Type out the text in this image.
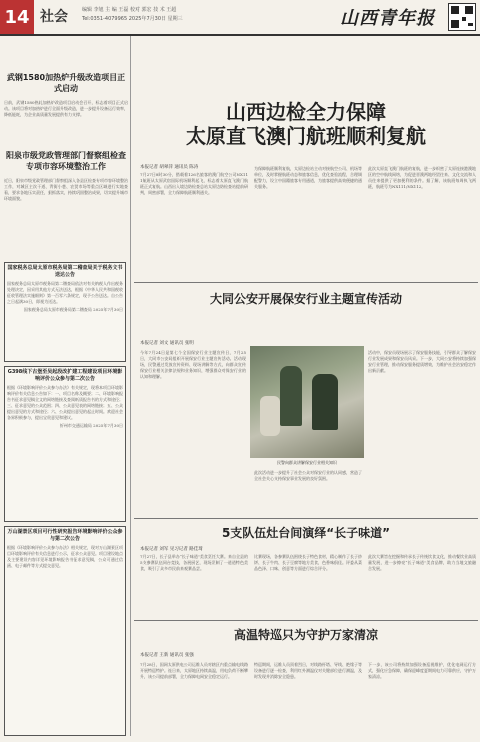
14 社会	编辑 李旭 主 编 王磊 校对 郭宏 技 术 王超
Tel:0351-4079965 2025年7月30日 星期三	山西青年报
武钢1580加热炉升级改造项目正式启动
日前，武钢1580热轧加热炉改造项目启动会召开，标志着项目正式启动。该项目将对加热炉进行全面升级改造，进一步提升设备运行效率，降低能耗，为企业高质量发展提供有力支撑。
阳泉市级党政管理部门督察组检查专项市容环境整治工作
近日，阳泉市级党政管理部门督察组深入各县区检查专项市容环境整治工作，对城区主次干道、背街小巷、农贸市场等重点区域进行实地查看，要求各地压实责任，狠抓落实，持续巩固整治成果，切实提升城市环境面貌。
国家税务总局太原市税务局第二稽查局关于税务文书送达公告
国家税务总局太原市税务局第二稽查局依法对有关纳税人作出税务处理决定，因采用其他方式无法送达，根据《中华人民共和国税收征收管理法实施细则》第一百零六条规定，现予公告送达。自公告之日起满30日，即视为送达。
国家税务总局太原市税务局第二稽查局 2025年7月30日
G398线下古堡至吴起段改扩建工程建设项目环境影响评价公众参与第二次公告
根据《环境影响评价公众参与办法》有关规定，现将本项目环境影响评价有关信息公告如下：一、项目名称及概要；二、环境影响报告书征求意见稿全文的网络链接及查阅纸质报告书的方式和途径；三、征求意见的公众范围；四、公众意见表的网络链接；五、公众提出意见的方式和途径；六、公众提出意见的起止时间。欢迎社会各界积极参与，提出宝贵意见和建议。
忻州市交通运输局 2025年7月30日
万山湖景区项目可行性研究报告环境影响评价公众参与第二次公告
根据《环境影响评价公众参与办法》相关规定，现对万山湖景区项目环境影响评价有关信息进行公示，征求公众意见。项目建设地点及主要建设内容详见环境影响报告书征求意见稿，公众可通过信函、电子邮件等方式提交意见。
山西边检全力保障
太原直飞澳门航班顺利复航
本报记者 胡翠萍 通讯员 陈涛
7月27日8时30分，搭载着126名旅客的澳门航空公司NX111航班从太原武宿国际机场顺利起飞，标志着太原直飞澳门航班正式复航。山西出入境边防检查总站太原边防检查站提前研判，周密部署，全力保障航班顺利通关。
为保障航班顺利复航，太原边检站主动对接航空公司、机场等单位，及时掌握航班动态和旅客信息，优化查验流程，合理调配警力，设立中国籍旅客专用通道，为旅客提供高效便捷的通关服务。
此次太原直飞澳门航班的复航，进一步织密了太原连接港澳地区的空中航线网络，为促进晋澳两地经贸往来、文化交流和人员往来提供了更加便利的条件。据了解，该航班每周执飞两班，航班号为NX111/NX112。
大同公安开展保安行业主题宣传活动
本报记者 刘文 通讯员 张明
今年7月24日是第七个全国保安行业主题宣传日，7月25日，大同市公安局组织开展保安行业主题宣传活动。活动现场，民警通过发放宣传资料、现场讲解等方式，向群众宣传保安行业相关法律法规和业务知识，增强群众对保安行业的认知和理解。
民警向群众讲解保安行业相关知识
活动中，保安员现场展示了保安服务技能，引导群众了解保安行业发展成果和保安员风采。下一步，大同公安将持续加强保安行业管理，推动保安服务提质增效，为维护社会治安稳定作出新贡献。
此次活动进一步提升了社会公众对保安行业的认同感，营造了全社会关心支持保安事业发展的良好氛围。
5支队伍灶台间演绎“长子味道”
本报记者 刘军 见习记者 路佳琦
7月27日，长子县举办“长子味道”美食烹饪大赛。来自全县的5支参赛队伍同台竞技，各展厨艺，现场烹制了一道道特色美食，吸引了众多市民前来观赛品尝。
比赛现场，各参赛队伍围绕长子特色食材，精心制作了长子炒饼、长子牛肉、长子豆腐等地方美食，色香味俱佳。评委从菜品色泽、口味、创意等方面进行综合评分。
此次大赛旨在挖掘和传承长子传统饮食文化，推动餐饮业高质量发展，进一步擦亮“长子味道”美食品牌，助力当地文旅融合发展。
高温特巡只为守护万家清凉
本报记者 王新 通讯员 张强
7月28日，国网太原供电公司运维人员对辖区内重点输电线路开展特巡特护。连日来，太原地区持续高温，用电负荷不断攀升，该公司提前部署，全力保障电网安全稳定运行。
特巡期间，运维人员顶着烈日，对线路杆塔、导线、绝缘子等设备进行逐一检查，利用红外测温仪对关键部位进行测温，及时发现并消除安全隐患。
下一步，该公司将持续加强设备巡视维护，优化电网运行方式，强化应急保障，确保迎峰度夏期间电力可靠供应，守护万家清凉。
